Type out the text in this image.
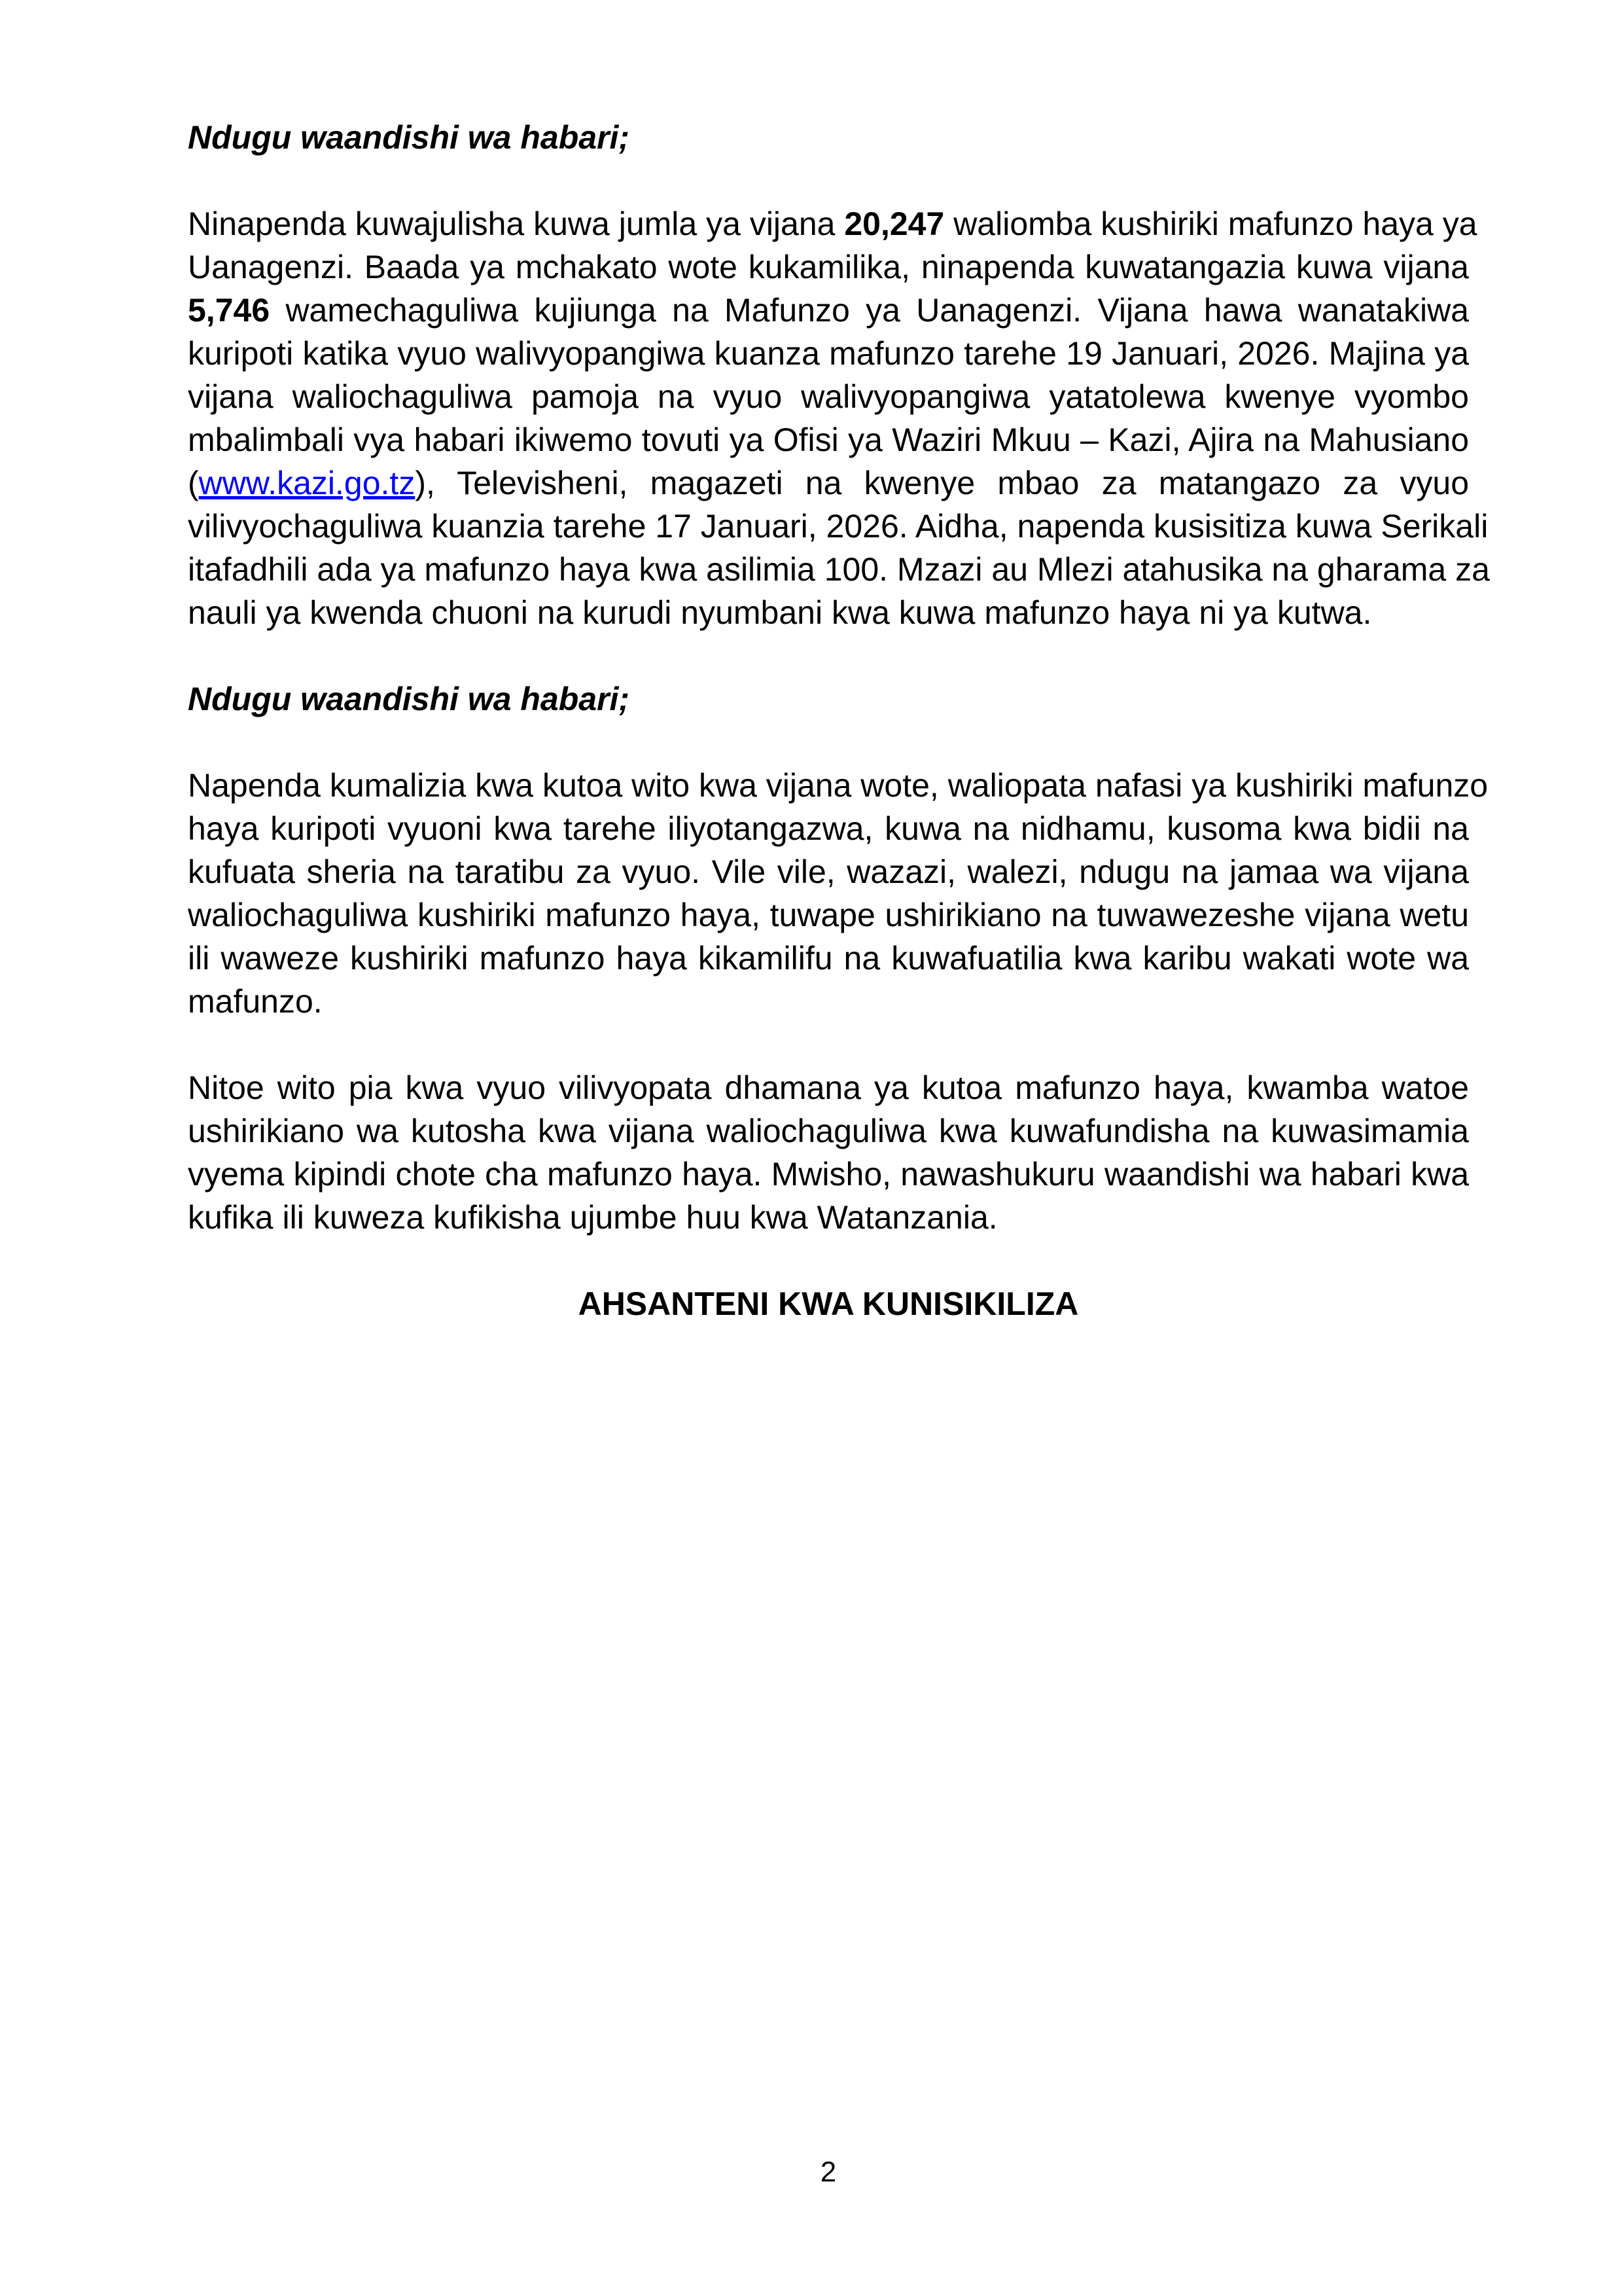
Ndugu waandishi wa habari;
Ninapenda kuwajulisha kuwa jumla ya vijana 20,247 waliomba kushiriki mafunzo haya ya
Uanagenzi. Baada ya mchakato wote kukamilika, ninapenda kuwatangazia kuwa vijana
5,746 wamechaguliwa kujiunga na Mafunzo ya Uanagenzi. Vijana hawa wanatakiwa
kuripoti katika vyuo walivyopangiwa kuanza mafunzo tarehe 19 Januari, 2026. Majina ya
vijana waliochaguliwa pamoja na vyuo walivyopangiwa yatatolewa kwenye vyombo
mbalimbali vya habari ikiwemo tovuti ya Ofisi ya Waziri Mkuu – Kazi, Ajira na Mahusiano
(www.kazi.go.tz), Televisheni, magazeti na kwenye mbao za matangazo za vyuo
vilivyochaguliwa kuanzia tarehe 17 Januari, 2026. Aidha, napenda kusisitiza kuwa Serikali
itafadhili ada ya mafunzo haya kwa asilimia 100. Mzazi au Mlezi atahusika na gharama za
nauli ya kwenda chuoni na kurudi nyumbani kwa kuwa mafunzo haya ni ya kutwa.
Ndugu waandishi wa habari;
Napenda kumalizia kwa kutoa wito kwa vijana wote, waliopata nafasi ya kushiriki mafunzo
haya kuripoti vyuoni kwa tarehe iliyotangazwa, kuwa na nidhamu, kusoma kwa bidii na
kufuata sheria na taratibu za vyuo. Vile vile, wazazi, walezi, ndugu na jamaa wa vijana
waliochaguliwa kushiriki mafunzo haya, tuwape ushirikiano na tuwawezeshe vijana wetu
ili waweze kushiriki mafunzo haya kikamilifu na kuwafuatilia kwa karibu wakati wote wa
mafunzo.
Nitoe wito pia kwa vyuo vilivyopata dhamana ya kutoa mafunzo haya, kwamba watoe
ushirikiano wa kutosha kwa vijana waliochaguliwa kwa kuwafundisha na kuwasimamia
vyema kipindi chote cha mafunzo haya. Mwisho, nawashukuru waandishi wa habari kwa
kufika ili kuweza kufikisha ujumbe huu kwa Watanzania.
AHSANTENI KWA KUNISIKILIZA
2
